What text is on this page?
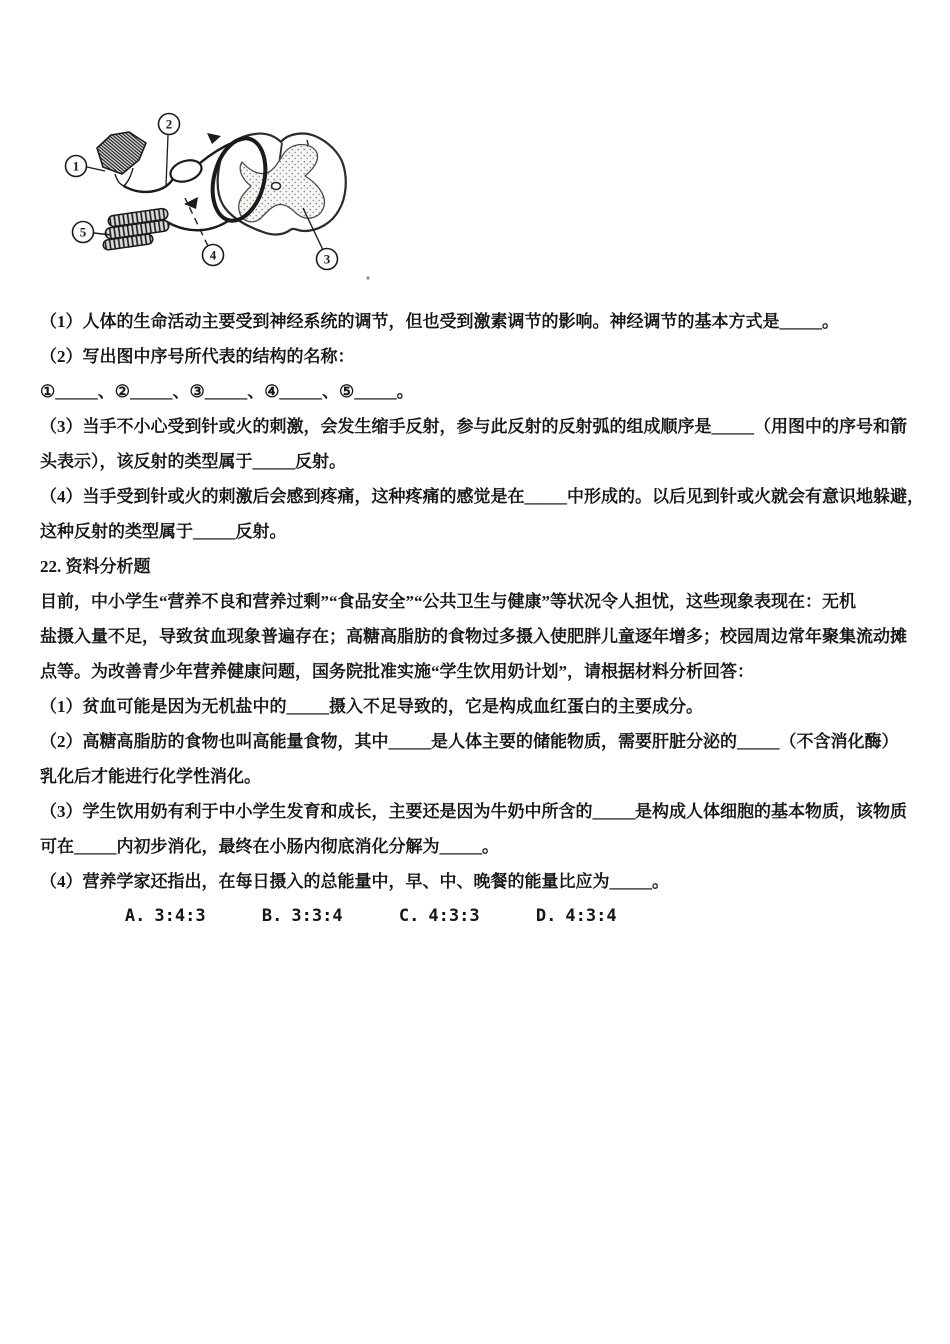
1
2
3
4
5
（1）人体的生命活动主要受到神经系统的调节，但也受到激素调节的影响。神经调节的基本方式是_____。
（2）写出图中序号所代表的结构的名称：
①_____、②_____、③_____、④_____、⑤_____。
（3）当手不小心受到针或火的刺激，会发生缩手反射，参与此反射的反射弧的组成顺序是_____（用图中的序号和箭
头表示），该反射的类型属于_____反射。
（4）当手受到针或火的刺激后会感到疼痛，这种疼痛的感觉是在_____中形成的。以后见到针或火就会有意识地躲避，
这种反射的类型属于_____反射。
22. 资料分析题
目前，中小学生“营养不良和营养过剩”“食品安全”“公共卫生与健康”等状况令人担忧，这些现象表现在：无机
盐摄入量不足，导致贫血现象普遍存在；高糖高脂肪的食物过多摄入使肥胖儿童逐年增多；校园周边常年聚集流动摊
点等。为改善青少年营养健康问题，国务院批准实施“学生饮用奶计划”，请根据材料分析回答：
（1）贫血可能是因为无机盐中的_____摄入不足导致的，它是构成血红蛋白的主要成分。
（2）高糖高脂肪的食物也叫高能量食物，其中_____是人体主要的储能物质，需要肝脏分泌的_____（不含消化酶）
乳化后才能进行化学性消化。
（3）学生饮用奶有利于中小学生发育和成长，主要还是因为牛奶中所含的_____是构成人体细胞的基本物质，该物质
可在_____内初步消化，最终在小肠内彻底消化分解为_____。
（4）营养学家还指出，在每日摄入的总能量中，早、中、晚餐的能量比应为_____。

A. 3:4:3
	B. 3:3:4
	C. 4:3:3
	D. 4:3:4
